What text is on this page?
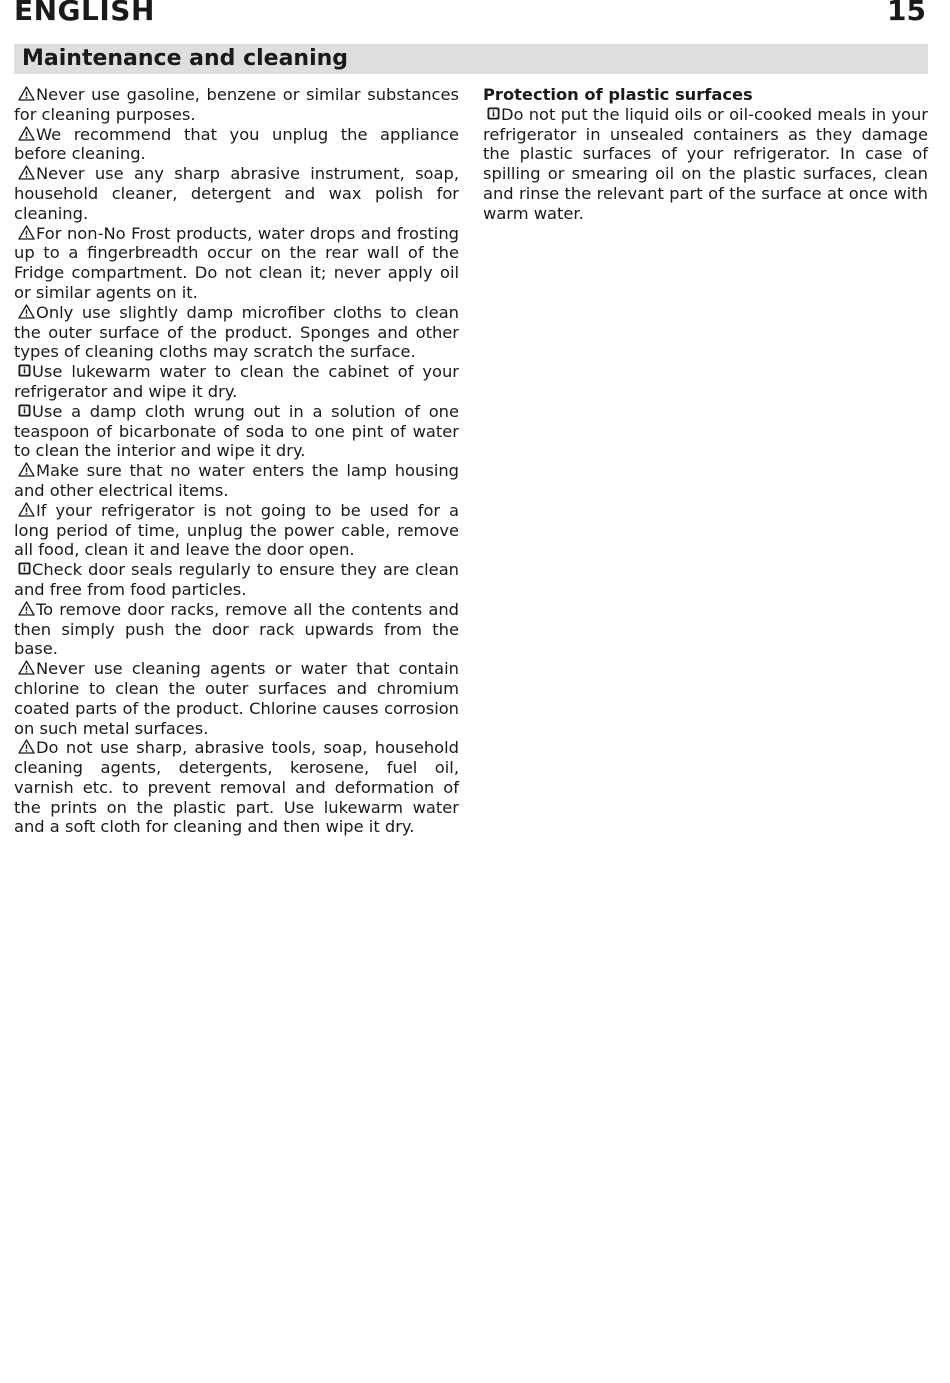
ENGLISH	15
Maintenance and cleaning

Never use gasoline, benzene or similar substances for cleaning purposes.

We recommend that you unplug the appliance before cleaning.

Never use any sharp abrasive instrument, soap, household cleaner, detergent and wax polish for cleaning.

For non-No Frost products, water drops and frosting up to a fingerbreadth occur on the rear wall of the Fridge compartment. Do not clean it; never apply oil or similar agents on it.

Only use slightly damp microfiber cloths to clean the outer surface of the product. Sponges and other types of cleaning cloths may scratch the surface.

Use lukewarm water to clean the cabinet of your refrigerator and wipe it dry.

Use a damp cloth wrung out in a solution of one teaspoon of bicarbonate of soda to one pint of water to clean the interior and wipe it dry.

Make sure that no water enters the lamp housing and other electrical items.

If your refrigerator is not going to be used for a long period of time, unplug the power cable, remove all food, clean it and leave the door open.

Check door seals regularly to ensure they are clean and free from food particles.

To remove door racks, remove all the contents and then simply push the door rack upwards from the base.

Never use cleaning agents or water that contain chlorine to clean the outer surfaces and chromium coated parts of the product. Chlorine causes corrosion on such metal surfaces.

Do not use sharp, abrasive tools, soap, household cleaning agents, detergents, kerosene, fuel oil, varnish etc. to prevent removal and deformation of the prints on the plastic part. Use lukewarm water and a soft cloth for cleaning and then wipe it dry.

Protection of plastic surfaces

Do not put the liquid oils or oil-cooked meals in your refrigerator in unsealed containers as they damage the plastic surfaces of your refrigerator. In case of spilling or smearing oil on the plastic surfaces, clean and rinse the relevant part of the surface at once with warm water.
